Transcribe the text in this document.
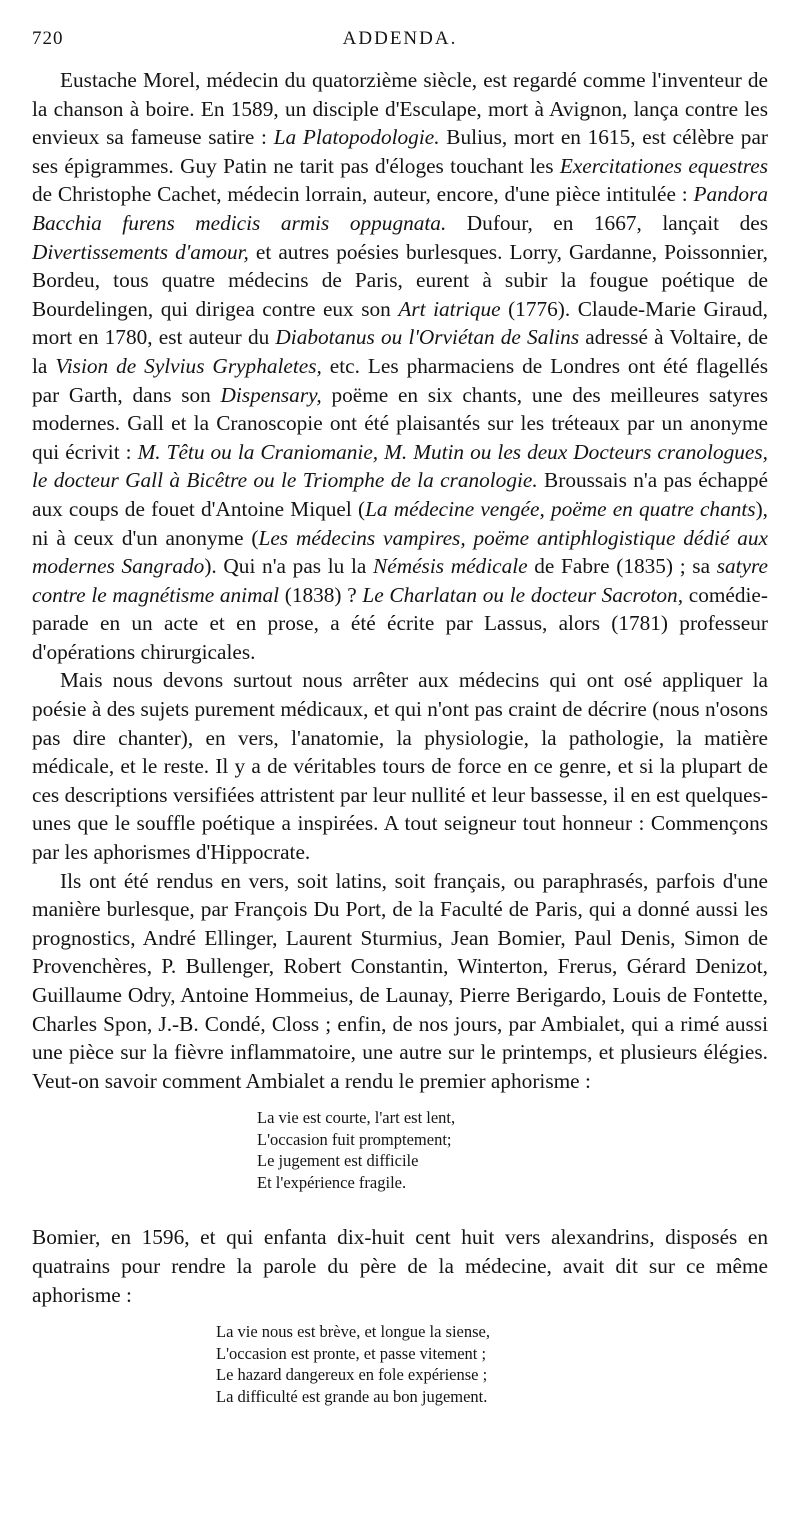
720	ADDENDA.

Eustache Morel, médecin du quatorzième siècle, est regardé comme l'inventeur de la chanson à boire. En 1589, un disciple d'Esculape, mort à Avignon, lança contre les envieux sa fameuse satire : La Platopodologie. Bulius, mort en 1615, est célèbre par ses épigrammes. Guy Patin ne tarit pas d'éloges touchant les Exercitationes equestres de Christophe Cachet, médecin lorrain, auteur, encore, d'une pièce intitulée : Pandora Bacchia furens medicis armis oppugnata. Dufour, en 1667, lançait des Divertissements d'amour, et autres poésies burlesques. Lorry, Gardanne, Poissonnier, Bordeu, tous quatre médecins de Paris, eurent à subir la fougue poétique de Bourdelingen, qui dirigea contre eux son Art iatrique (1776). Claude-Marie Giraud, mort en 1780, est auteur du Diabotanus ou l'Orviétan de Salins adressé à Voltaire, de la Vision de Sylvius Gryphaletes, etc. Les pharmaciens de Londres ont été flagellés par Garth, dans son Dispensary, poëme en six chants, une des meilleures satyres modernes. Gall et la Cranoscopie ont été plaisantés sur les tréteaux par un anonyme qui écrivit : M. Têtu ou la Craniomanie, M. Mutin ou les deux Docteurs cranologues, le docteur Gall à Bicêtre ou le Triomphe de la cranologie. Broussais n'a pas échappé aux coups de fouet d'Antoine Miquel (La médecine vengée, poëme en quatre chants), ni à ceux d'un anonyme (Les médecins vampires, poëme antiphlogistique dédié aux modernes Sangrado). Qui n'a pas lu la Némésis médicale de Fabre (1835) ; sa satyre contre le magnétisme animal (1838) ? Le Charlatan ou le docteur Sacroton, comédie-parade en un acte et en prose, a été écrite par Lassus, alors (1781) professeur d'opérations chirurgicales.

Mais nous devons surtout nous arrêter aux médecins qui ont osé appliquer la poésie à des sujets purement médicaux, et qui n'ont pas craint de décrire (nous n'osons pas dire chanter), en vers, l'anatomie, la physiologie, la pathologie, la matière médicale, et le reste. Il y a de véritables tours de force en ce genre, et si la plupart de ces descriptions versifiées attristent par leur nullité et leur bassesse, il en est quelques-unes que le souffle poétique a inspirées. A tout seigneur tout honneur : Commençons par les aphorismes d'Hippocrate.

Ils ont été rendus en vers, soit latins, soit français, ou paraphrasés, parfois d'une manière burlesque, par François Du Port, de la Faculté de Paris, qui a donné aussi les prognostics, André Ellinger, Laurent Sturmius, Jean Bomier, Paul Denis, Simon de Provenchères, P. Bullenger, Robert Constantin, Winterton, Frerus, Gérard Denizot, Guillaume Odry, Antoine Hommeius, de Launay, Pierre Berigardo, Louis de Fontette, Charles Spon, J.-B. Condé, Closs ; enfin, de nos jours, par Ambialet, qui a rimé aussi une pièce sur la fièvre inflammatoire, une autre sur le printemps, et plusieurs élégies. Veut-on savoir comment Ambialet a rendu le premier aphorisme :

La vie est courte, l'art est lent,
L'occasion fuit promptement;
Le jugement est difficile
Et l'expérience fragile.

Bomier, en 1596, et qui enfanta dix-huit cent huit vers alexandrins, disposés en quatrains pour rendre la parole du père de la médecine, avait dit sur ce même aphorisme :

La vie nous est brève, et longue la siense,
L'occasion est pronte, et passe vitement ;
Le hazard dangereux en fole expériense ;
La difficulté est grande au bon jugement.
